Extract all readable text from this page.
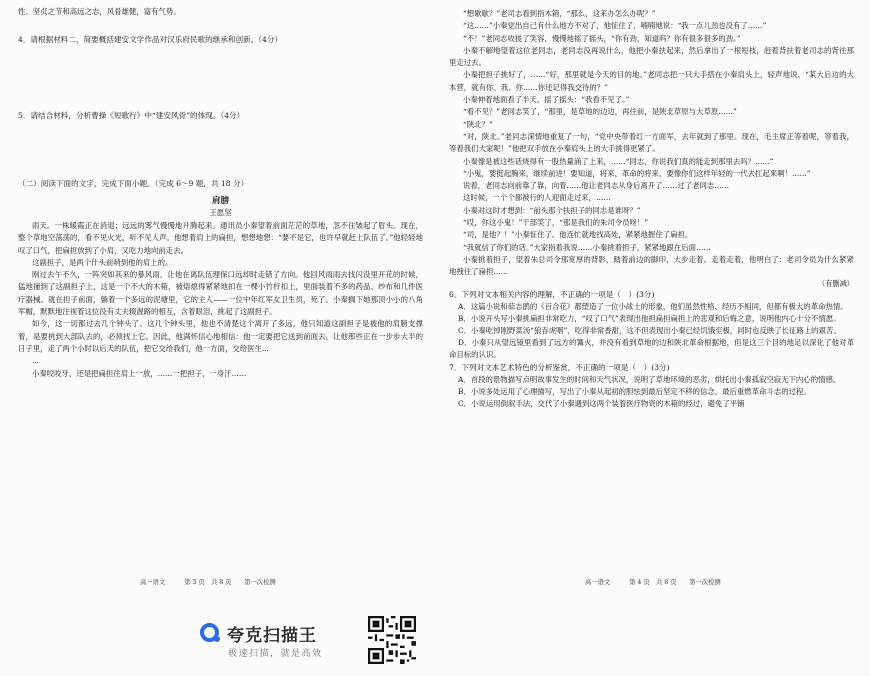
性、坚贞之节和高远之志，风骨雄健，富有气势。

4．请根据材料二，简要概括建安文学作品对汉乐府民歌的继承和创新。（4分）

5．请结合材料，分析曹操《短歌行》中“建安风骨”的体现。（4分）

（二）阅读下面的文字，完成下面小题。（完成 6～9 题，共 18 分）

肩膀

王愿坚

雨天。一株暖霞正在消退；远远的雾气慢慢地升腾起来。通讯员小秦望着前面茫茫的草地，忽不住皱起了眉头。现在，整个草地空荡荡的，看不见火光，听不见人声。他想着肩上的扁担，想想地想：“要不是它，也许早就赶上队伍了。”他轻轻地叹了口气，把扁担放到了小肩，又吃力地向前走去。

这副担子，是两个什头前哨到他的肩上的。

刚过去午不久，一阵突如其来的暴风雨，让他在离队伍理保口远却时走错了方向。他回风雨雨去找闪没里开花的时候，猛地撞到了这副担子上，这是一个不大的木箱，被熔熄得紧紧地扣在一棵小竹杆扣上，里面装着不多的药品、纱布和几件医疗器械。就在担子前面，躺着一个多远的泥塘里，它的主人——一位中年红军女卫生员，死了。小秦搁下她那顶小小的八角军帽，默默地注视着这位没有丈夫辍渥路的相互，含着眼泪，挑起了这副担子。

如今，这一切都过去几个钟头了。这几个钟头里，他也不清楚这个离开了多远，他只知道这副担子是被他的肩膀支撑着，是要挑到大部队去的，必须找上它。因此，他满怀信心地相信：他一定要把它送到前面去，让他那些正在一步步大半的日子里，走了两个小时以后天的队伍，把它交给我们，他一方面，交给医生...

...

小秦咬咬牙，还是把扁担往肩上一放，……一把担子，一身汗……

高一语文　　　第 3 页　共 8 页　　第一次检测

“想歇歇？”老司志看到指木箱，“那么，这来办怎么办呢？”

“这……”小秦觉出自己有什么地方不对了，他怔住了，喃喃地说：“我一点儿劲也没有了……”

“不！”老同志收拢了笑容，慢慢地摇了摇头，“你有劲，知道吗？你有很多很多的劲。”

小秦不解地望着这位老同志，老同志没再说什么，他把小秦扶起来，然后拿出了一根短枝，赶着背扶着老司志的背往那里走过去。

小秦把担子挑好了，……“好，那里就是今天的目的地。”老同志把一只大手搭在小秦肩头上，轻声地说，“某大后边的大本营，就有你、我、你……你还记得我交待的？”

小秦伸着地面看了半天，摇了摇头：“我看不见了。”

“看不见？”老同志笑了，“那里，是草地的边边，再往前，是陕北草原与大草原……”

“陕北？”

“对，陕北。”老同志深情地重复了一句，“党中央带着红一方面军，去年就到了那里。现在，毛主席正等着呢，等着我，等着我们大家呢！”他把双手放在小秦肩头上的大手挑得更紧了。

小秦像是被这些话烧得有一股热量涌了上来，……“同志，你说我们真的能走到那里去吗？……”

“小鬼，要挺起胸来，继续前进！要知道，将来，革命的将来，要像你们这样年轻的一代去扛起来啊！……”

说着，老同志向前靠了靠，向着……他让老同志从身后离开了……过了老同志……

这时候，一个个都被行的人迎面走过来，……

小秦对这时才想到：“前头那个扶担子的同志是谁呀？”

“哎，你这小鬼！”干部笑了，“那是我们的朱司令员呀！”

“司，是他？！”小秦怔住了。他连忙就地找高处，紧紧地握住了扁担。

“我就信了你们的话。”大家指着我说……小秦挑着担子，紧紧地跟在后面……

小秦挑着担子，望着朱总司令那宽厚的背影，踏着前边的脚印，大步走着。走着走着，他明白了：老司令员为什么紧紧地拽住了扁担……

（有删减）

6．下列对文本相关内容的理解，不正确的一项是（　）(3分)

A．这篇小说和茹志鹃的《百合花》都塑造了一位小战士的形象，他们虽然性格、经历不相同，但都有极大的革命热情。

B．小说开头写小秦挑扁担非常吃力，“叹了口气”表现出他担扁担扁担上的悲观和后悔之意，说明他内心十分不情愿。

C．小秦吃掉刚野菜汤“狼吞虎咽”，吃得非常香甜，这不但表现出小秦已经饥饿至极，同时也反映了长征路上的艰苦。

D．小秦只从望远镜里看到了远方的篝火，并没有看到草地的边和陕北革命根据地，但是这三个目的地足以深化了他对革命目标的认识。

7．下列对文本艺术特色的分析鉴赏，不正确的一项是（　）(3分)

A．首段的景物描写点明故事发生的时间和天气状况，说明了草地环境的恶劣，烘托出小秦孤寂空寂无下内心的情感。

B．小说多处运用了心理描写，写出了小秦从起初的胆怯到最后坚定不移的信念，最后重燃革命斗志的过程。

C．小说运用倒叙手法，交代了小秦遇到这两个装着医疗物资的木箱的经过，避免了平铺

高一语文　　　第 4 页　共 8 页　　第一次检测
夸克扫描王
极速扫描，就是高效
